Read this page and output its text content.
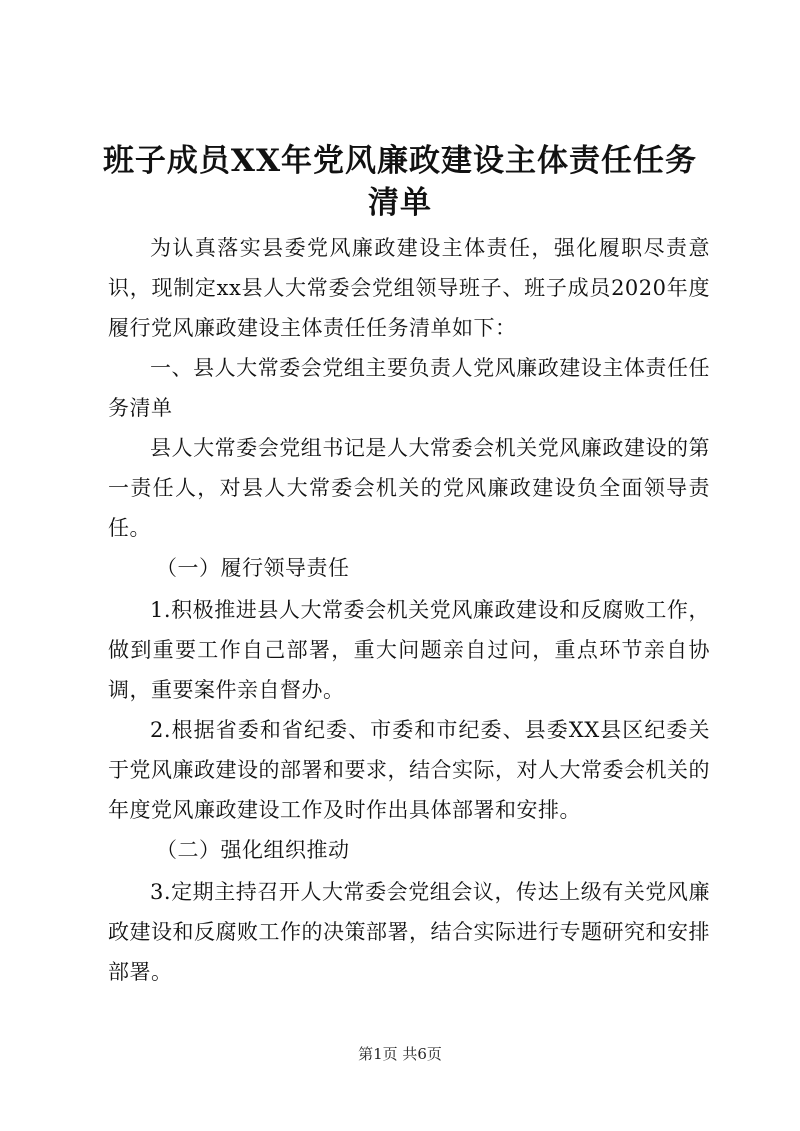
班子成员XX年党风廉政建设主体责任任务清单

为认真落实县委党风廉政建设主体责任，强化履职尽责意识，现制定xx县人大常委会党组领导班子、班子成员2020年度履行党风廉政建设主体责任任务清单如下：

一、县人大常委会党组主要负责人党风廉政建设主体责任任务清单

县人大常委会党组书记是人大常委会机关党风廉政建设的第一责任人，对县人大常委会机关的党风廉政建设负全面领导责任。

（一）履行领导责任

1.积极推进县人大常委会机关党风廉政建设和反腐败工作，做到重要工作自己部署，重大问题亲自过问，重点环节亲自协调，重要案件亲自督办。

2.根据省委和省纪委、市委和市纪委、县委XX县区纪委关于党风廉政建设的部署和要求，结合实际，对人大常委会机关的年度党风廉政建设工作及时作出具体部署和安排。

（二）强化组织推动

3.定期主持召开人大常委会党组会议，传达上级有关党风廉政建设和反腐败工作的决策部署，结合实际进行专题研究和安排部署。

第1页 共6页
